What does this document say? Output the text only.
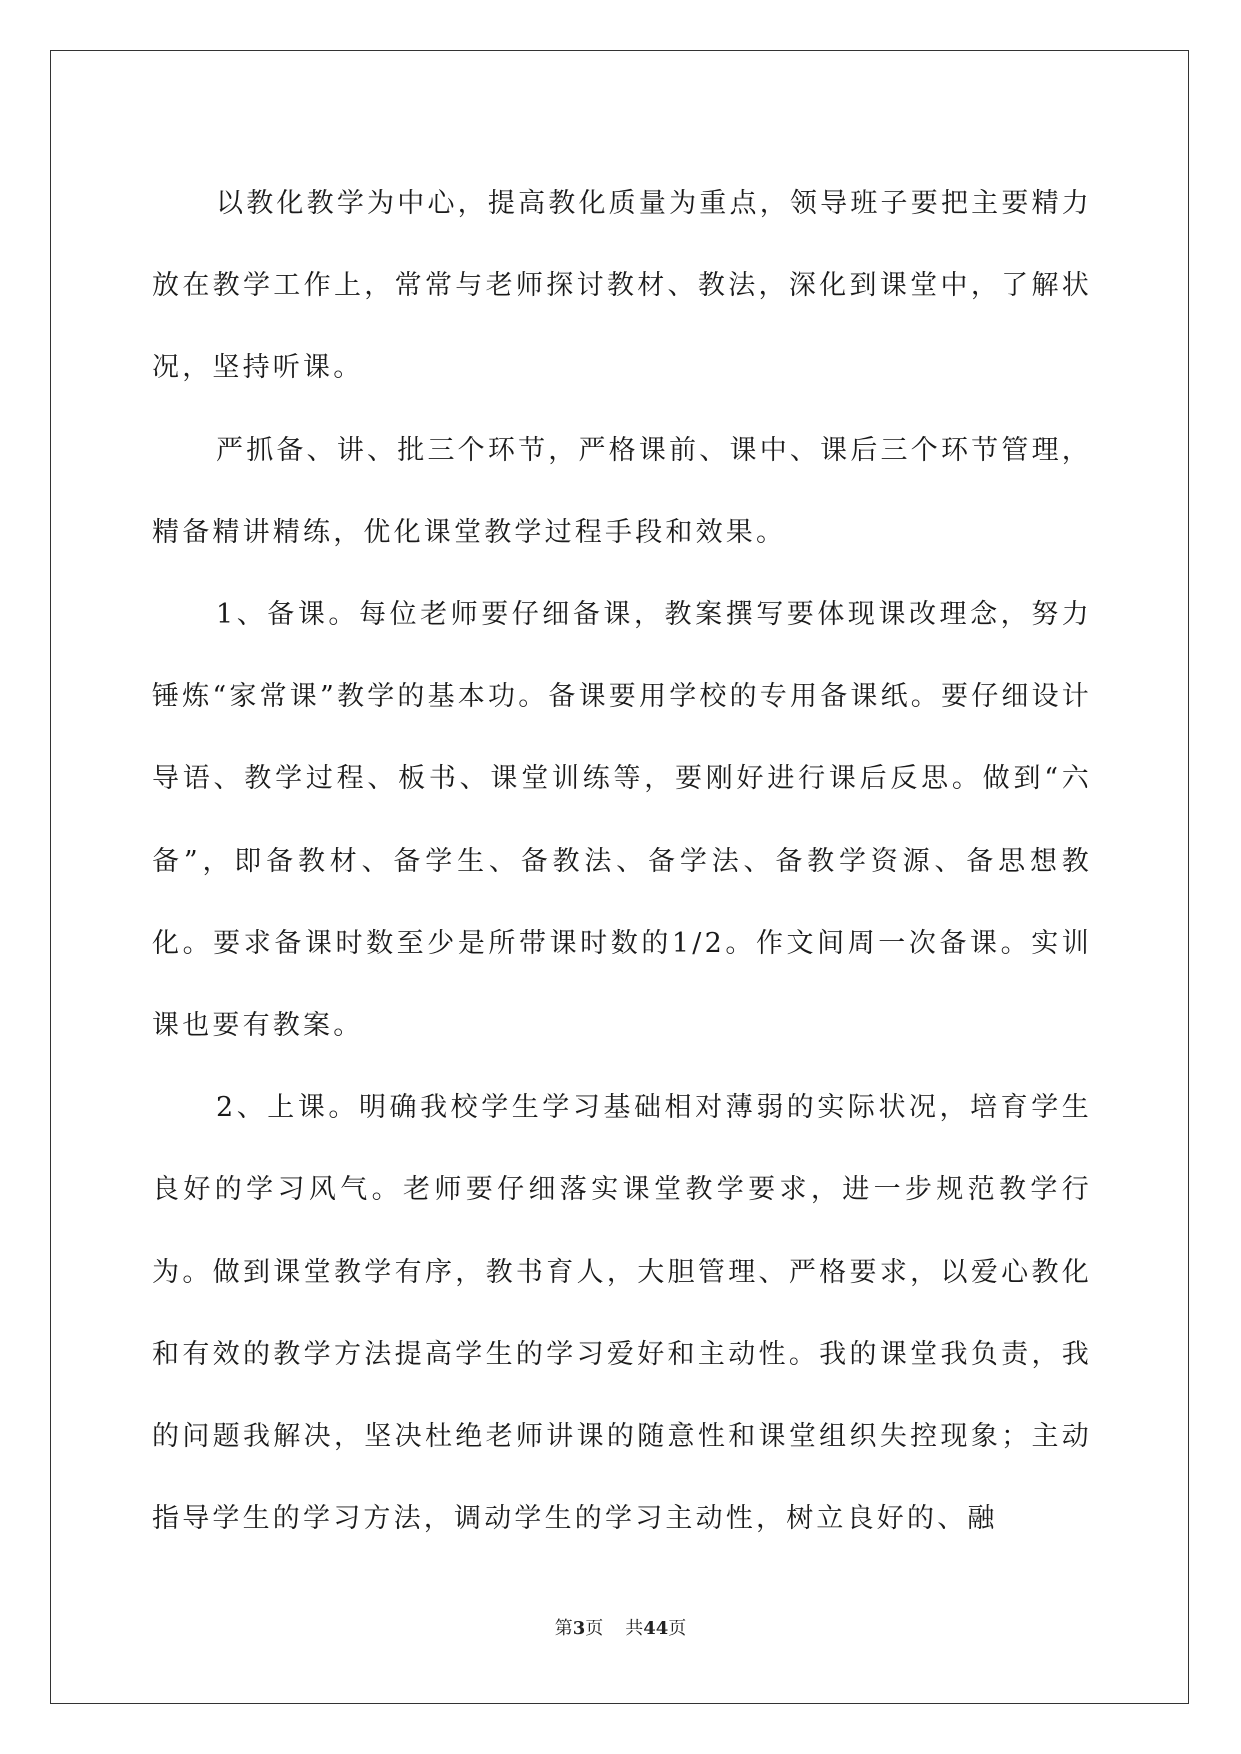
以教化教学为中心，提高教化质量为重点，领导班子要把主要精力放在教学工作上，常常与老师探讨教材、教法，深化到课堂中，了解状况，坚持听课。

严抓备、讲、批三个环节，严格课前、课中、课后三个环节管理，精备精讲精练，优化课堂教学过程手段和效果。

1、备课。每位老师要仔细备课，教案撰写要体现课改理念，努力锤炼“家常课”教学的基本功。备课要用学校的专用备课纸。要仔细设计导语、教学过程、板书、课堂训练等，要刚好进行课后反思。做到“六备”，即备教材、备学生、备教法、备学法、备教学资源、备思想教化。要求备课时数至少是所带课时数的1/2。作文间周一次备课。实训课也要有教案。

2、上课。明确我校学生学习基础相对薄弱的实际状况，培育学生良好的学习风气。老师要仔细落实课堂教学要求，进一步规范教学行为。做到课堂教学有序，教书育人，大胆管理、严格要求，以爱心教化和有效的教学方法提高学生的学习爱好和主动性。我的课堂我负责，我的问题我解决，坚决杜绝老师讲课的随意性和课堂组织失控现象；主动指导学生的学习方法，调动学生的学习主动性，树立良好的、融

第3页 共44页
